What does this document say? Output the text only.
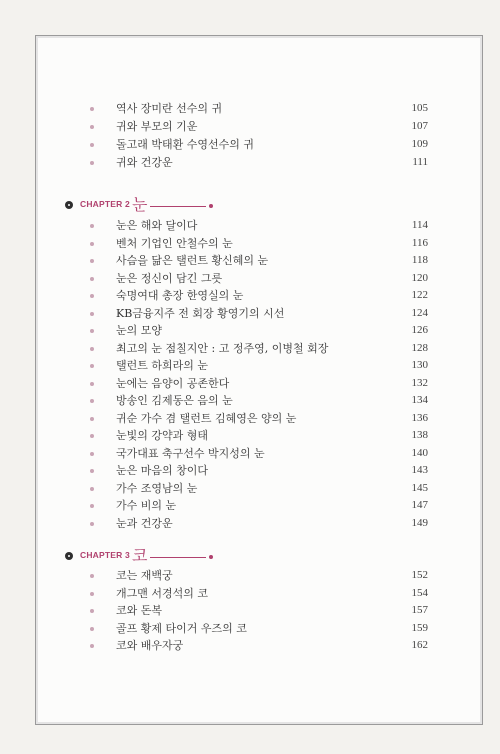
역사 장미란 선수의 귀	105
귀와 부모의 기운	107
돌고래 박태환 수영선수의 귀	109
귀와 건강운	111
CHAPTER 2 눈
눈은 해와 달이다	114
벤처 기업인 안철수의 눈	116
사슴을 닮은 탤런트 황신혜의 눈	118
눈은 정신이 담긴 그릇	120
숙명여대 총장 한영실의 눈	122
KB금융지주 전 회장 황영기의 시선	124
눈의 모양	126
최고의 눈 점칠지안 : 고 정주영, 이병철 회장	128
탤런트 하희라의 눈	130
눈에는 음양이 공존한다	132
방송인 김제동은 음의 눈	134
귀순 가수 겸 탤런트 김혜영은 양의 눈	136
눈빛의 강약과 형태	138
국가대표 축구선수 박지성의 눈	140
눈은 마음의 창이다	143
가수 조영남의 눈	145
가수 비의 눈	147
눈과 건강운	149
CHAPTER 3 코
코는 재백궁	152
개그맨 서경석의 코	154
코와 돈복	157
골프 황제 타이거 우즈의 코	159
코와 배우자궁	162
